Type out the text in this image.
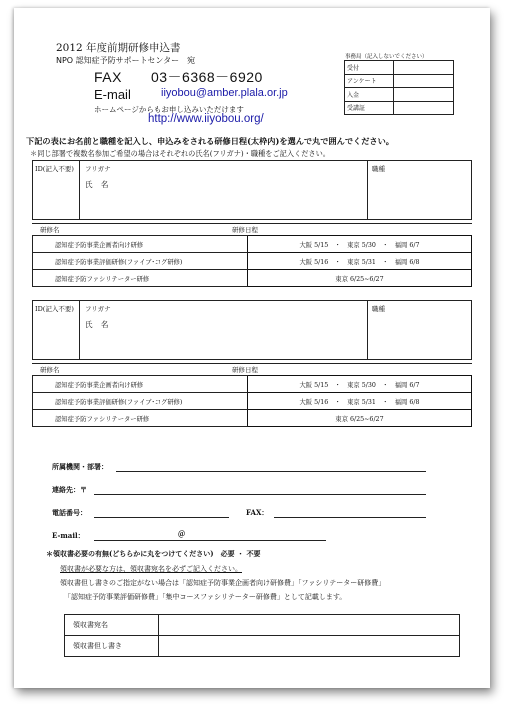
2012 年度前期研修申込書
NPO 認知症予防サポートセンター　宛
FAX　　03－6368－6920
E-mail	iiyobou@amber.plala.or.jp
ホームページからもお申し込みいただけます
http://www.iiyobou.org/
事務局（記入しないでください）
受付	
アンケート	
入金	
受講証	
下記の表にお名前と職種を記入し、申込みをされる研修日程(太枠内)を選んで丸で囲んでください。
＊同じ部署で複数名参加ご希望の場合はそれぞれの氏名(フリガナ)・職種をご記入ください。
ID(記入不要) フリガナ
氏 名
職種
研修名	研修日程
認知症予防事業企画者向け研修	大阪 5/15　・　東京 5/30　・　福岡 6/7
認知症予防事業評価研修(ファイブ･コグ研修)	大阪 5/16　・　東京 5/31　・　福岡 6/8
認知症予防ファシリテーター研修	東京 6/25~6/27
ID(記入不要) フリガナ
氏 名
職種
研修名	研修日程
認知症予防事業企画者向け研修	大阪 5/15　・　東京 5/30　・　福岡 6/7
認知症予防事業評価研修(ファイブ･コグ研修)	大阪 5/16　・　東京 5/31　・　福岡 6/8
認知症予防ファシリテーター研修	東京 6/25~6/27
所属機関・部署：
連絡先：〒
電話番号：	FAX：
E-mail：	＠
＊領収書必要の有無(どちらかに丸をつけてください)　必要 ・ 不要
領収書が必要な方は、領収書宛名を必ずご記入ください。
領収書但し書きのご指定がない場合は「認知症予防事業企画者向け研修費」「ファシリテーター研修費」
「認知症予防事業評価研修費」「集中コースファシリテーター研修費」として記載します。
領収書宛名	
領収書但し書き	
